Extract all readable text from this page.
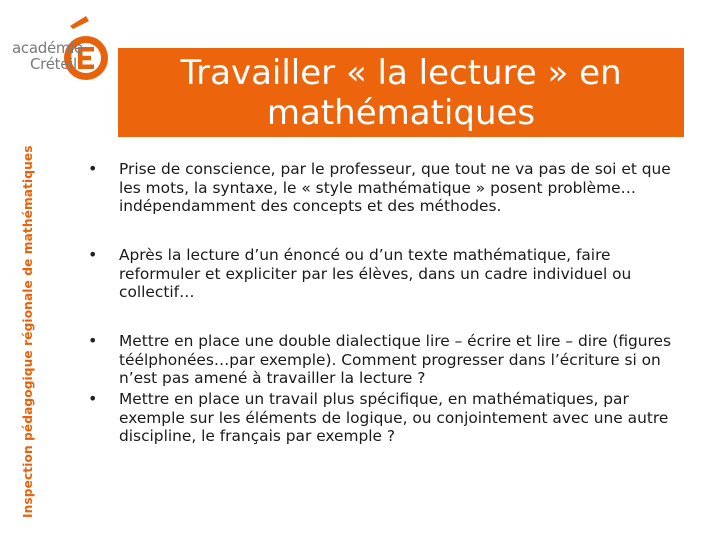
académie
Créteil
Inspection pédagogique régionale de mathématiques
Travailler « la lecture » en mathématiques
•	Prise de conscience, par le professeur, que tout ne va pas de soi et que les mots, la syntaxe, le « style mathématique » posent problème…indépendamment des concepts et des méthodes.
•	Après la lecture d’un énoncé ou d’un texte mathématique, faire reformuler et expliciter par les élèves, dans un cadre individuel ou collectif…
•	Mettre en place une double dialectique lire – écrire et lire – dire (figures téélphonées…par exemple). Comment progresser dans l’écriture si on n’est pas amené à travailler la lecture ?
•	Mettre en place un travail plus spécifique, en mathématiques, par exemple sur les éléments de logique, ou conjointement avec une autre discipline, le français par exemple ?
